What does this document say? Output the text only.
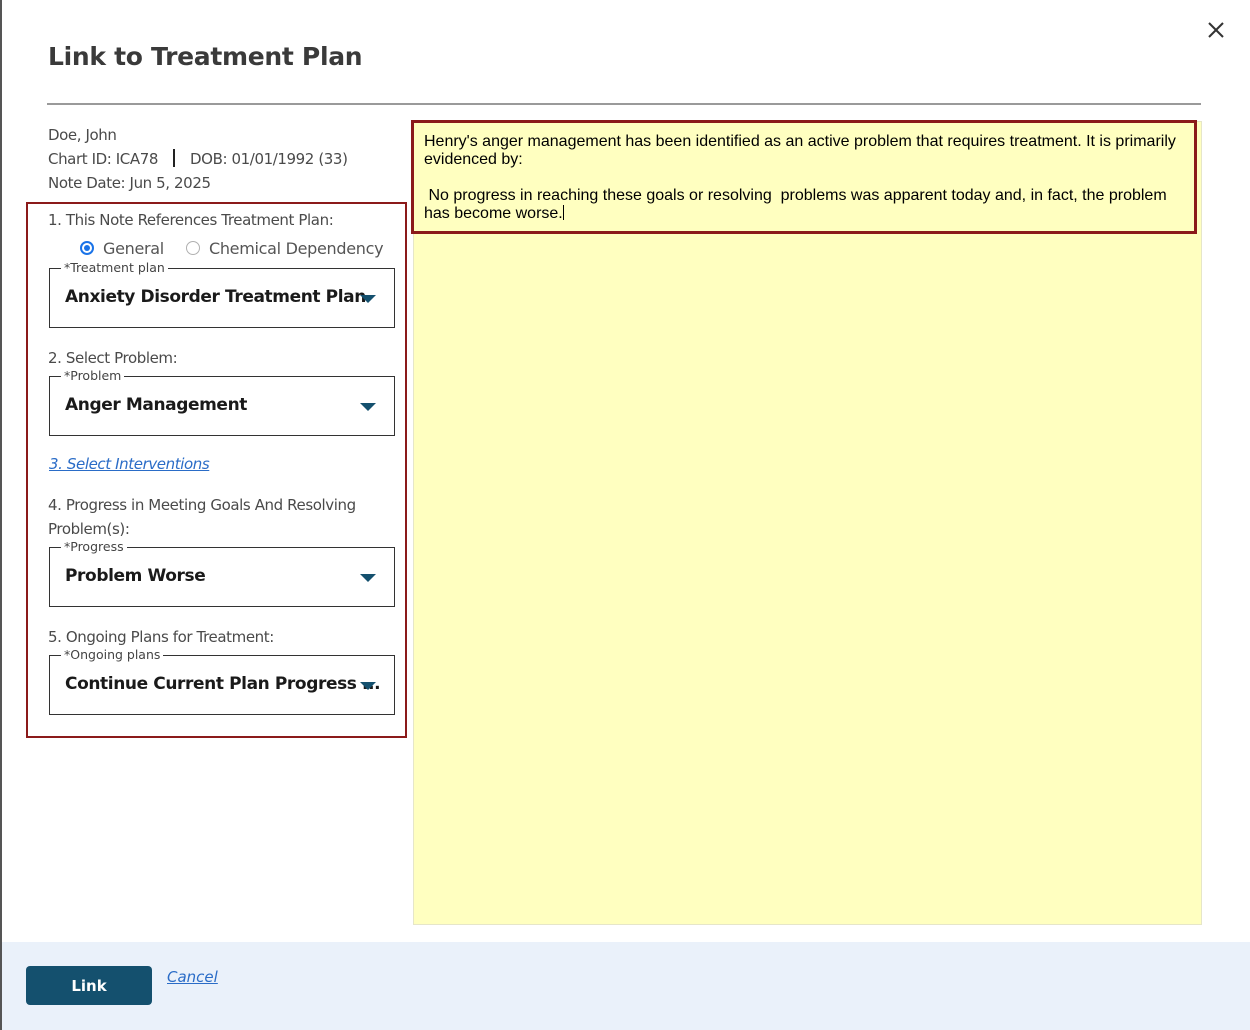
Link to Treatment Plan
Doe, John
Chart ID: ICA78 DOB: 01/01/1992 (33)
Note Date: Jun 5, 2025
1. This Note References Treatment Plan:
General	Chemical Dependency
*Treatment plan
Anxiety Disorder Treatment Plan
2. Select Problem:
*Problem
Anger Management
3. Select Interventions
4. Progress in Meeting Goals And Resolving
Problem(s):
*Progress
Problem Worse
5. Ongoing Plans for Treatment:
*Ongoing plans
Continue Current Plan Progress ...

Henry's anger management has been identified as an active problem that requires treatment. It is primarily evidenced by:

No progress in reaching these goals or resolving  problems was apparent today and, in fact, the problem has become worse.

Link	Cancel
